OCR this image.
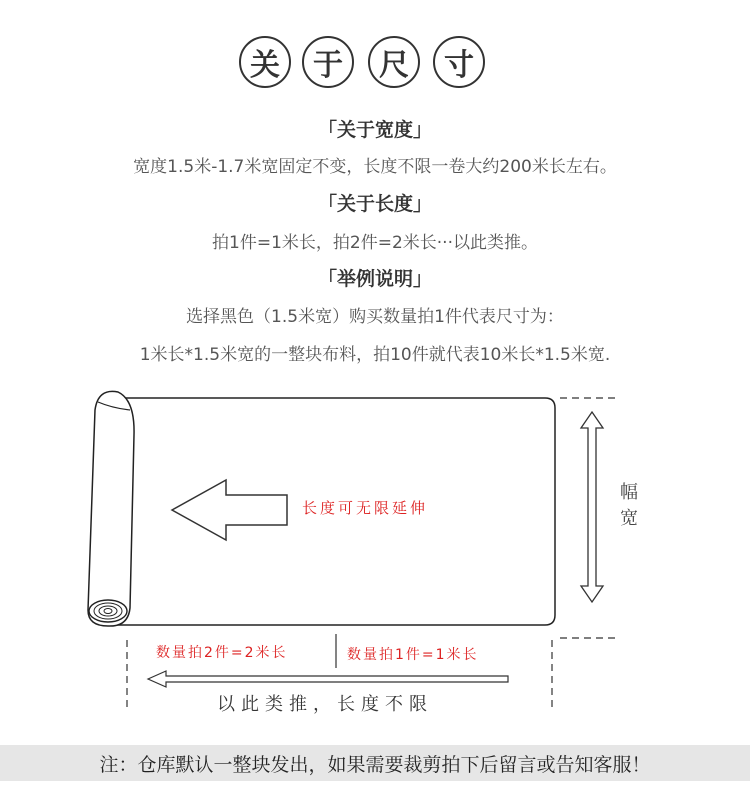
关	于	尺	寸
「关于宽度」
宽度1.5米-1.7米宽固定不变，长度不限一卷大约200米长左右。
「关于长度」
拍1件=1米长，拍2件=2米长···以此类推。
「举例说明」
选择黑色（1.5米宽）购买数量拍1件代表尺寸为：
1米长*1.5米宽的一整块布料，拍10件就代表10米长*1.5米宽.
长度可无限延伸
幅
宽
数量拍2件=2米长	数量拍1件=1米长
以此类推，长度不限
注：仓库默认一整块发出，如果需要裁剪拍下后留言或告知客服！
